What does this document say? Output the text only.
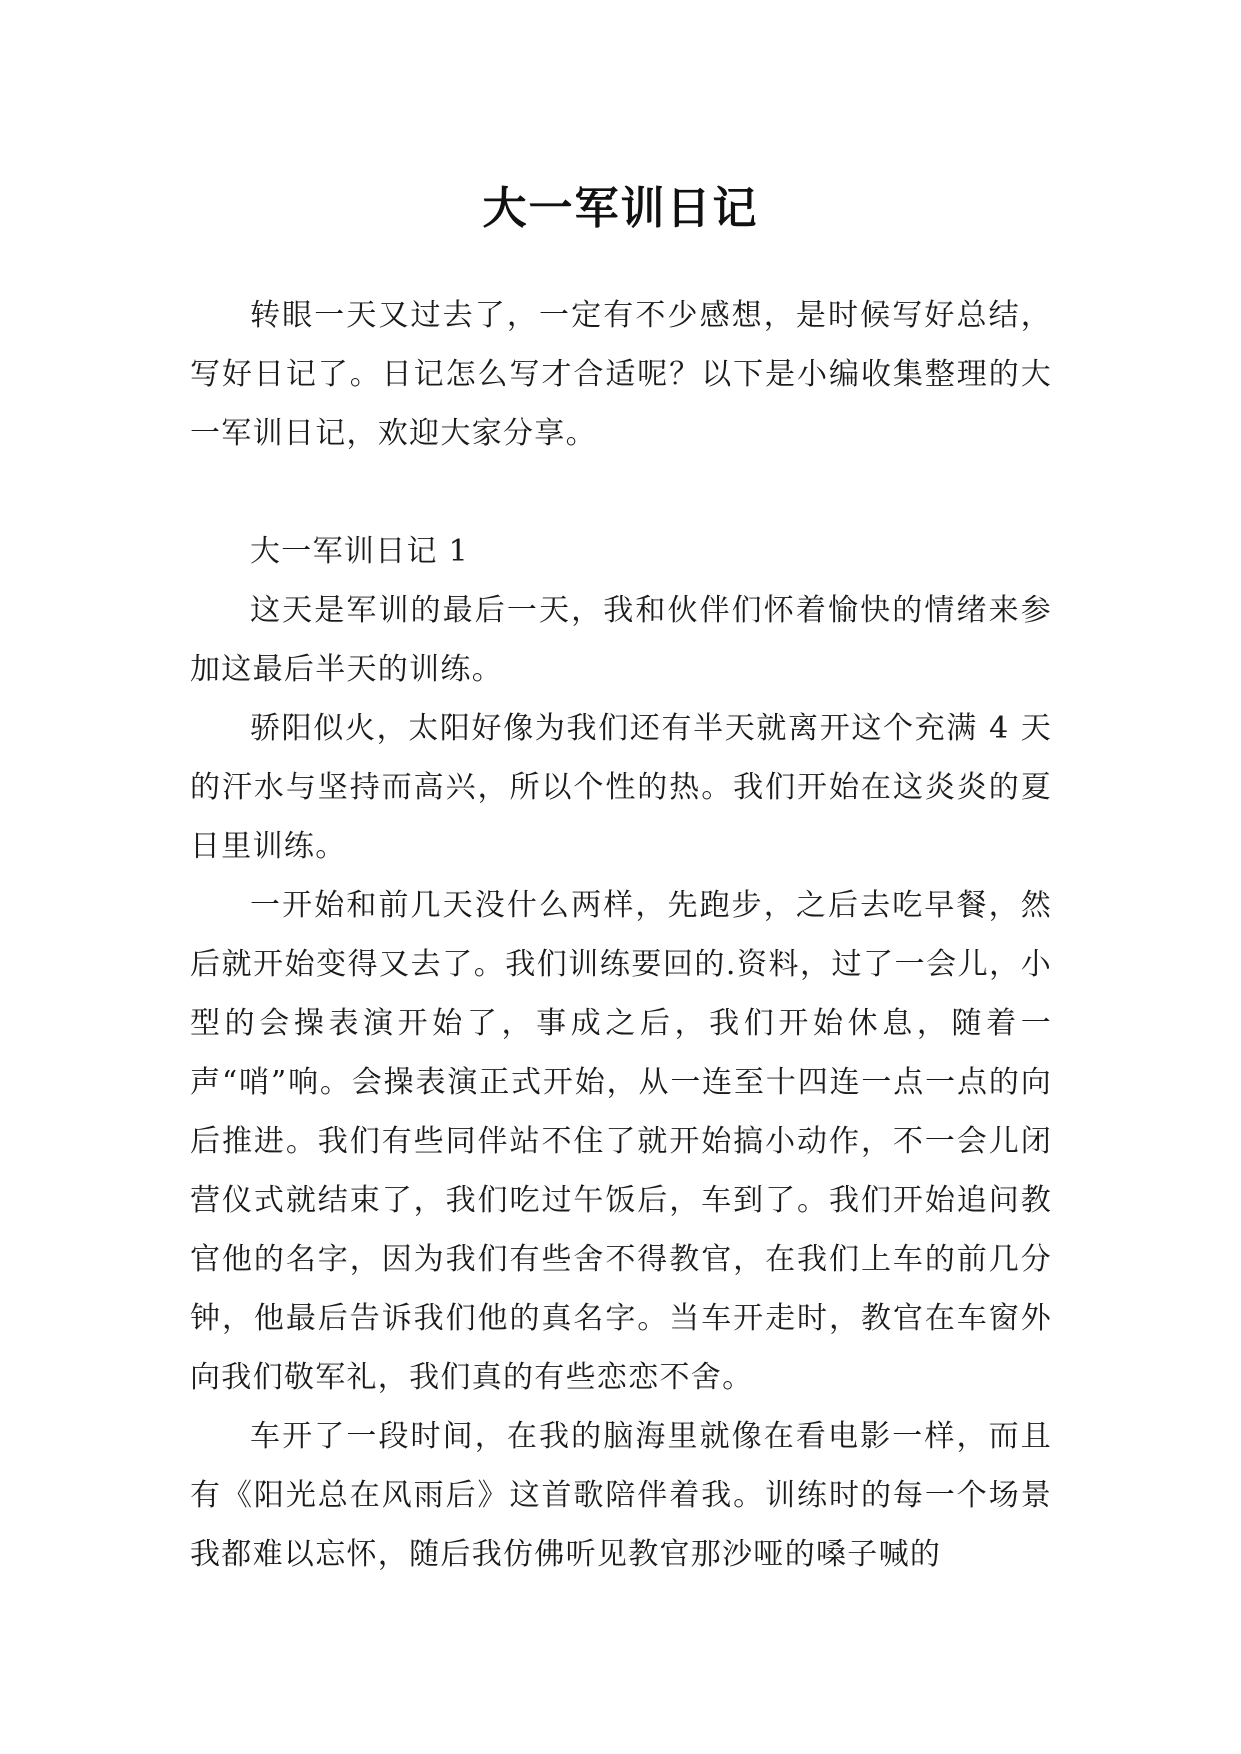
大一军训日记

转眼一天又过去了，一定有不少感想，是时候写好总结，写好日记了。日记怎么写才合适呢？以下是小编收集整理的大一军训日记，欢迎大家分享。

大一军训日记 1

这天是军训的最后一天，我和伙伴们怀着愉快的情绪来参加这最后半天的训练。

骄阳似火，太阳好像为我们还有半天就离开这个充满 4 天的汗水与坚持而高兴，所以个性的热。我们开始在这炎炎的夏日里训练。

一开始和前几天没什么两样，先跑步，之后去吃早餐，然后就开始变得又去了。我们训练要回的.资料，过了一会儿，小型的会操表演开始了，事成之后，我们开始休息，随着一声“哨”响。会操表演正式开始，从一连至十四连一点一点的向后推进。我们有些同伴站不住了就开始搞小动作，不一会儿闭营仪式就结束了，我们吃过午饭后，车到了。我们开始追问教官他的名字，因为我们有些舍不得教官，在我们上车的前几分钟，他最后告诉我们他的真名字。当车开走时，教官在车窗外向我们敬军礼，我们真的有些恋恋不舍。

车开了一段时间，在我的脑海里就像在看电影一样，而且有《阳光总在风雨后》这首歌陪伴着我。训练时的每一个场景我都难以忘怀，随后我仿佛听见教官那沙哑的嗓子喊的
